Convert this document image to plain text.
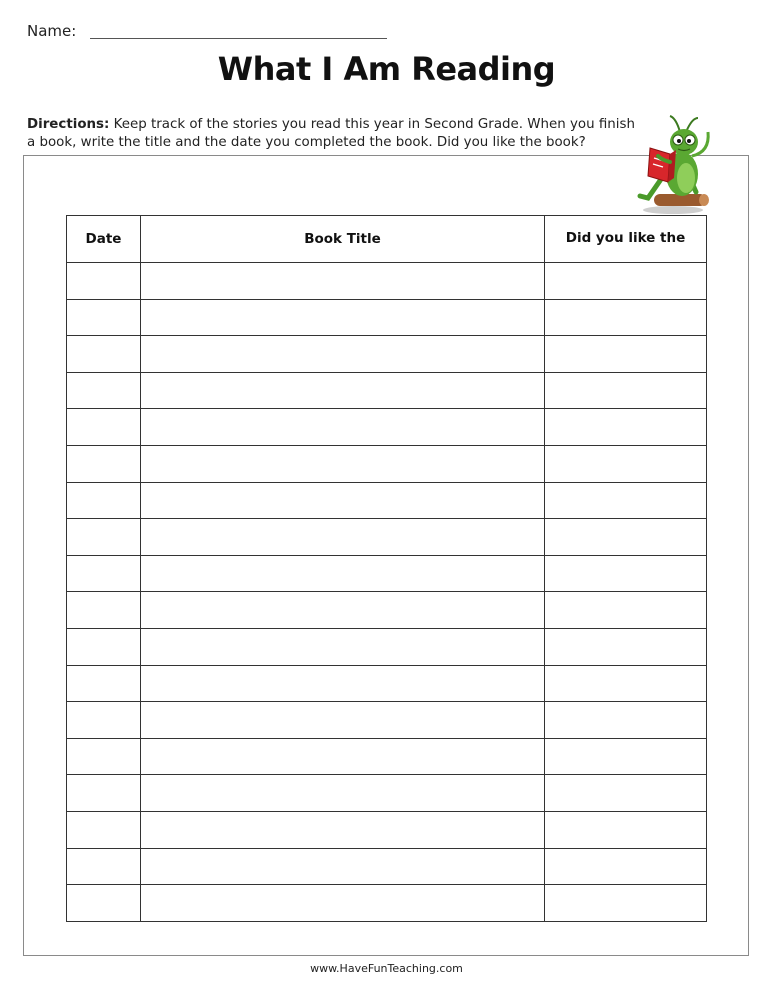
Name:
What I Am Reading
Directions: Keep track of the stories you read this year in Second Grade. When you finish a book, write the title and the date you completed the book. Did you like the book?
Date	Book Title	Did you like the

www.HaveFunTeaching.com
